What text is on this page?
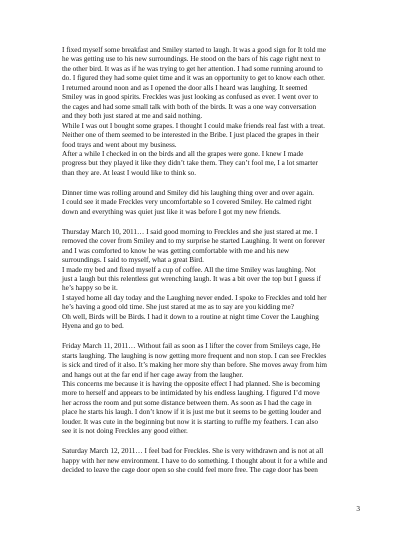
I fixed myself some breakfast and Smiley started to laugh. It was a good sign for It told me
he was getting use to his new surroundings. He stood on the bars of his cage right next to
the other bird. It was as if he was trying to get her attention. I had some running around to
do. I figured they had some quiet time and it was an opportunity to get to know each other.
I returned around noon and as I opened the door alls I heard was laughing. It seemed
Smiley was in good spirits. Freckles was just looking as confused as ever. I went over to
the cages and had some small talk with both of the birds. It was a one way conversation
and they both just stared at me and said nothing.
While I was out I bought some grapes. I thought I could make friends real fast with a treat.
Neither one of them seemed to be interested in the Bribe. I just placed the grapes in their
food trays and went about my business.
After a while I checked in on the birds and all the grapes were gone. I knew I made
progress but they played it like they didn’t take them. They can’t fool me, I a lot smarter
than they are. At least I would like to think so.

Dinner time was rolling around and Smiley did his laughing thing over and over again.
I could see it made Freckles very uncomfortable so I covered Smiley. He calmed right
down and everything was quiet just like it was before I got my new friends.

Thursday March 10, 2011… I said good morning to Freckles and she just stared at me. I
removed the cover from Smiley and to my surprise he started Laughing. It went on forever
and I was comforted to know he was getting comfortable with me and his new
surroundings. I said to myself, what a great Bird.
I made my bed and fixed myself a cup of coffee. All the time Smiley was laughing. Not
just a laugh but this relentless gut wrenching laugh. It was a bit over the top but I guess if
he’s happy so be it.
I stayed home all day today and the Laughing never ended. I spoke to Freckles and told her
he’s having a good old time. She just stared at me as to say are you kidding me?
Oh well, Birds will be Birds. I had it down to a routine at night time Cover the Laughing
Hyena and go to bed.

Friday March 11, 2011… Without fail as soon as I lifter the cover from Smileys cage, He
starts laughing. The laughing is now getting more frequent and non stop. I can see Freckles
is sick and tired of it also. It’s making her more shy than before. She moves away from him
and hangs out at the far end if her cage away from the laugher.
This concerns me because it is having the opposite effect I had planned. She is becoming
more to herself and appears to be intimidated by his endless laughing. I figured I’d move
her across the room and put some distance between them. As soon as I had the cage in
place he starts his laugh. I don’t know if it is just me but it seems to be getting louder and
louder. It was cute in the beginning but now it is starting to ruffle my feathers. I can also
see it is not doing Freckles any good either.

Saturday March 12, 2011… I feel bad for Freckles. She is very withdrawn and is not at all
happy with her new environment. I have to do something. I thought about it for a while and
decided to leave the cage door open so she could feel more free. The cage door has been

3
